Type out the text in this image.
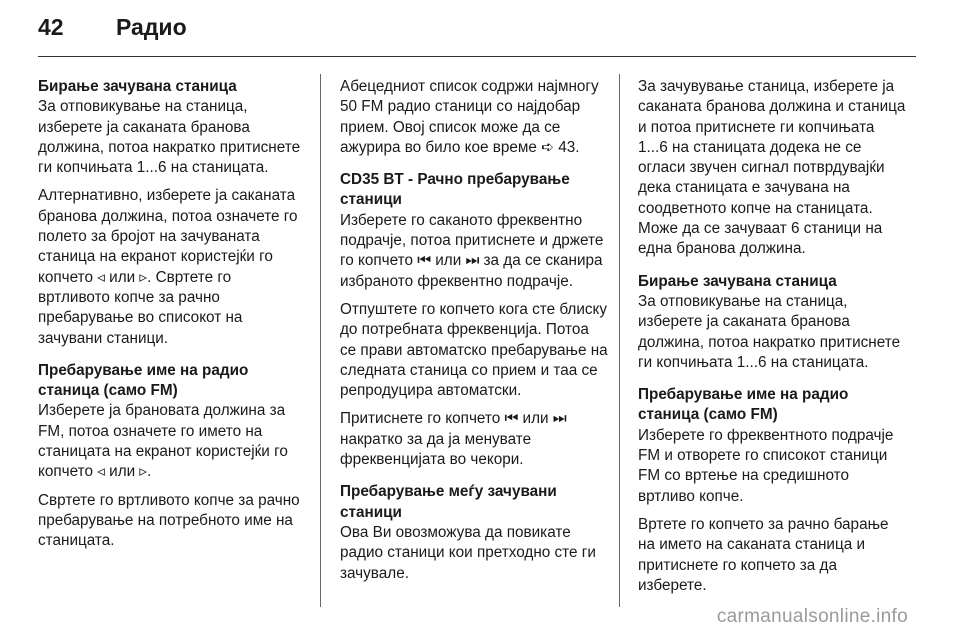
42 Радио
Бирање зачувана станица
За отповикување на станица, изберете ја саканата бранова должина, потоа накратко притиснете ги копчињата 1...6 на станицата.
Алтернативно, изберете ја саканата бранова должина, потоа означете го полето за бројот на зачуваната станица на екранот користејќи го копчето ◃ или ▹. Свртете го вртливото копче за рачно пребарување во списокот на зачувани станици.
Пребарување име на радио станица (само FM)
Изберете ја брановата должина за FM, потоа означете го името на станицата на екранот користејќи го копчето ◃ или ▹.
Свртете го вртливото копче за рачно пребарување на потребното име на станицата.
Абецедниот список содржи најмногу 50 FM радио станици со најдобар прием. Овој список може да се ажурира во било кое време ➪ 43.
CD35 BT - Рачно пребарување станици
Изберете го саканото фреквентно подрачје, потоа притиснете и држете го копчето ⏮ или ⏭ за да се сканира избраното фреквентно подрачје.
Отпуштете го копчето кога сте блиску до потребната фреквенција. Потоа се прави автоматско пребарување на следната станица со прием и таа се репродуцира автоматски.
Притиснете го копчето ⏮ или ⏭ накратко за да ја менувате фреквенцијата во чекори.
Пребарување меѓу зачувани станици
Ова Ви овозможува да повикате радио станици кои претходно сте ги зачувале.
За зачувување станица, изберете ја саканата бранова должина и станица и потоа притиснете ги копчињата 1...6 на станицата додека не се огласи звучен сигнал потврдувајќи дека станицата е зачувана на соодветното копче на станицата. Може да се зачуваат 6 станици на една бранова должина.
Бирање зачувана станица
За отповикување на станица, изберете ја саканата бранова должина, потоа накратко притиснете ги копчињата 1...6 на станицата.
Пребарување име на радио станица (само FM)
Изберете го фреквентното подрачје FM и отворете го списокот станици FM со вртење на средишното вртливо копче.
Вртете го копчето за рачно барање на името на саканата станица и притиснете го копчето за да изберете.
carmanualsonline.info
